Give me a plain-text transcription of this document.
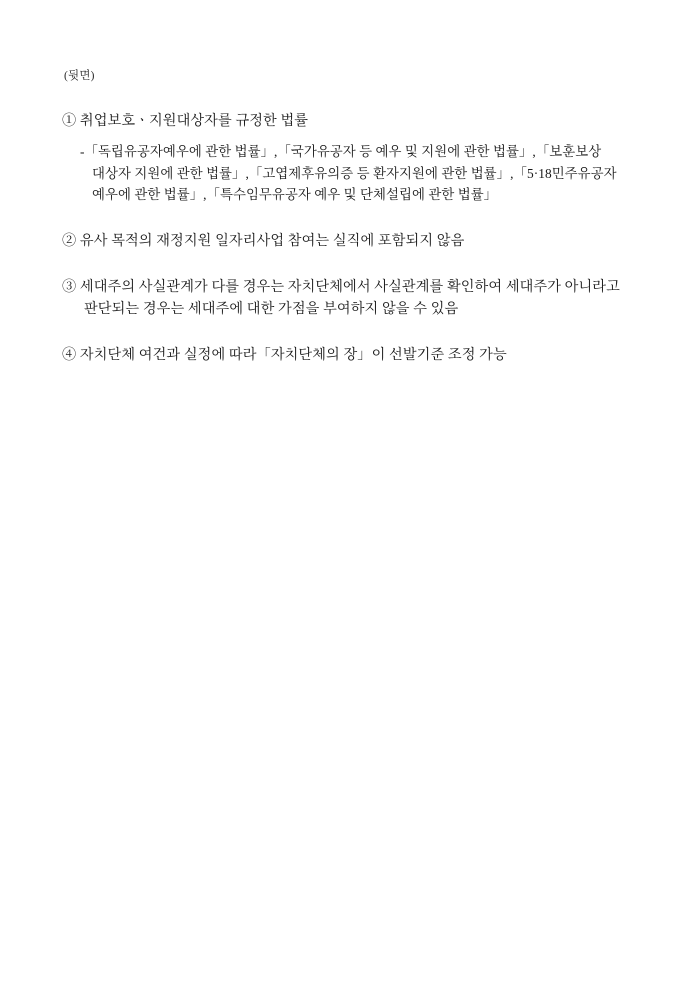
(뒷면)
① 취업보호ㆍ지원대상자를 규정한 법률
-「독립유공자예우에 관한 법률」,「국가유공자 등 예우 및 지원에 관한 법률」,「보훈보상
대상자 지원에 관한 법률」,「고엽제후유의증 등 환자지원에 관한 법률」,「5·18민주유공자
예우에 관한 법률」,「특수임무유공자 예우 및 단체설립에 관한 법률」
② 유사 목적의 재정지원 일자리사업 참여는 실직에 포함되지 않음
③ 세대주의 사실관계가 다를 경우는 자치단체에서 사실관계를 확인하여 세대주가 아니라고
판단되는 경우는 세대주에 대한 가점을 부여하지 않을 수 있음
④ 자치단체 여건과 실정에 따라「자치단체의 장」이 선발기준 조정 가능
